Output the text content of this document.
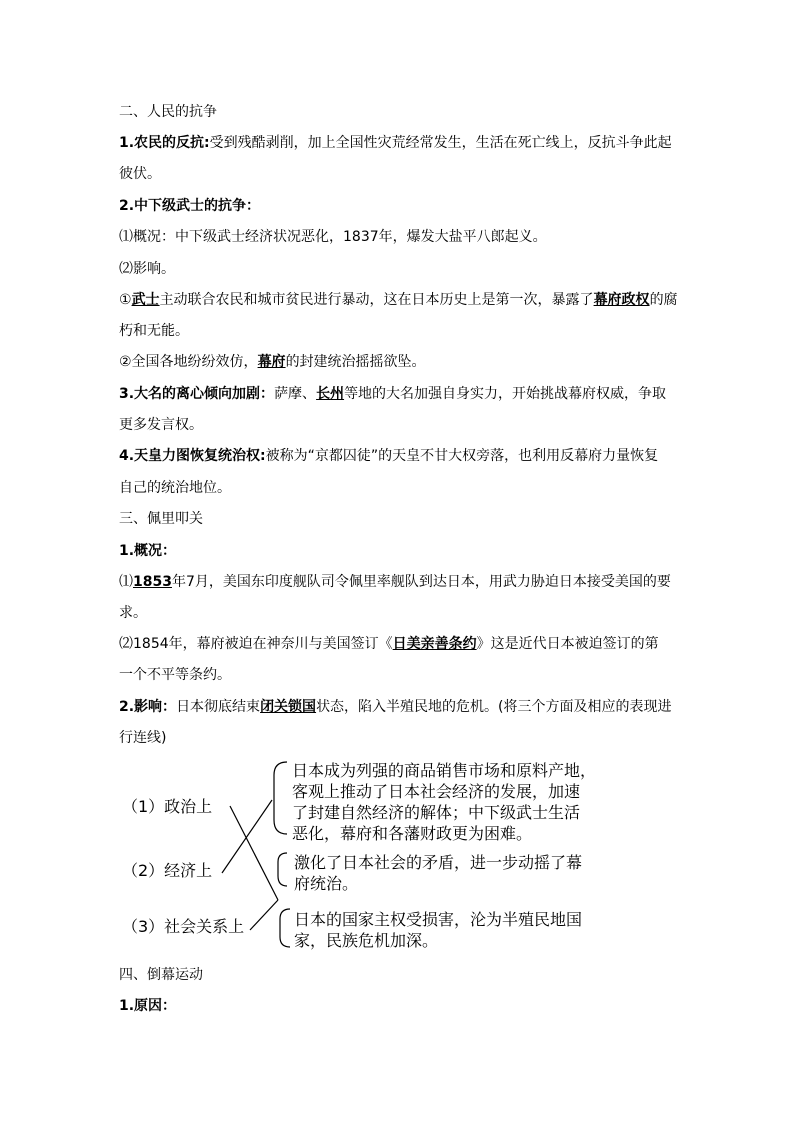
二、人民的抗争
1.农民的反抗:受到残酷剥削，加上全国性灾荒经常发生，生活在死亡线上，反抗斗争此起
彼伏。
2.中下级武士的抗争：
⑴概况：中下级武士经济状况恶化，1837年，爆发大盐平八郎起义。
⑵影响。
①武士主动联合农民和城市贫民进行暴动，这在日本历史上是第一次，暴露了幕府政权的腐
朽和无能。
②全国各地纷纷效仿，幕府的封建统治摇摇欲坠。
3.大名的离心倾向加剧：萨摩、长州等地的大名加强自身实力，开始挑战幕府权威，争取
更多发言权。
4.天皇力图恢复统治权:被称为“京都囚徒”的天皇不甘大权旁落，也利用反幕府力量恢复
自己的统治地位。
三、佩里叩关
1.概况：
⑴1853年7月，美国东印度舰队司令佩里率舰队到达日本，用武力胁迫日本接受美国的要
求。
⑵1854年，幕府被迫在神奈川与美国签订《日美亲善条约》这是近代日本被迫签订的第
一个不平等条约。
2.影响：日本彻底结束闭关锁国状态，陷入半殖民地的危机。(将三个方面及相应的表现进
行连线)
（1）政治上
（2）经济上
（3）社会关系上
日本成为列强的商品销售市场和原料产地，
客观上推动了日本社会经济的发展，加速
了封建自然经济的解体；中下级武士生活
恶化，幕府和各藩财政更为困难。
激化了日本社会的矛盾，进一步动摇了幕
府统治。
日本的国家主权受损害，沦为半殖民地国
家，民族危机加深。
四、倒幕运动
1.原因：
